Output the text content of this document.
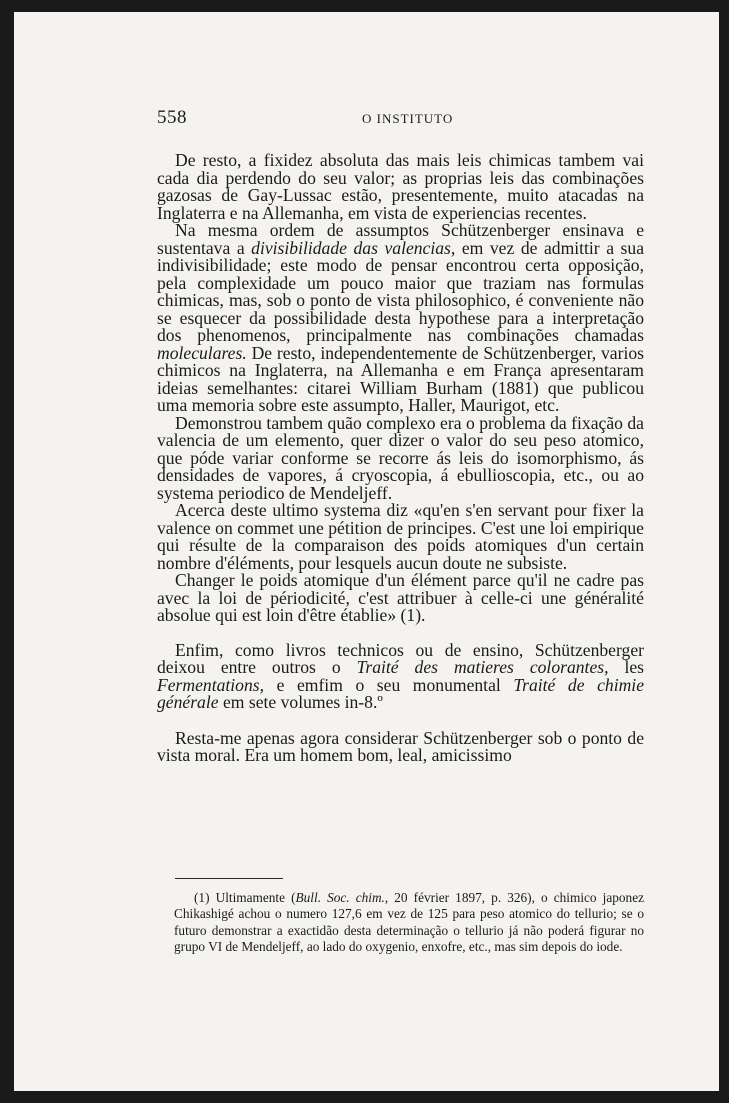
558	O INSTITUTO

De resto, a fixidez absoluta das mais leis chimicas tambem vai cada dia perdendo do seu valor; as proprias leis das combinações gazosas de Gay-Lussac estão, presentemente, muito atacadas na Inglaterra e na Allemanha, em vista de experiencias recentes.

Na mesma ordem de assumptos Schützenberger ensinava e sustentava a divisibilidade das valencias, em vez de admittir a sua indivisibilidade; este modo de pensar encontrou certa opposição, pela complexidade um pouco maior que traziam nas formulas chimicas, mas, sob o ponto de vista philosophico, é conveniente não se esquecer da possibilidade desta hypothese para a interpretação dos phenomenos, principalmente nas combinações chamadas moleculares. De resto, independentemente de Schützenberger, varios chimicos na Inglaterra, na Allemanha e em França apresentaram ideias semelhantes: citarei William Burham (1881) que publicou uma memoria sobre este assumpto, Haller, Maurigot, etc.

Demonstrou tambem quão complexo era o problema da fixação da valencia de um elemento, quer dizer o valor do seu peso atomico, que póde variar conforme se recorre ás leis do isomorphismo, ás densidades de vapores, á cryoscopia, á ebullioscopia, etc., ou ao systema periodico de Mendeljeff.

Acerca deste ultimo systema diz «qu'en s'en servant pour fixer la valence on commet une pétition de principes. C'est une loi empirique qui résulte de la comparaison des poids atomiques d'un certain nombre d'éléments, pour lesquels aucun doute ne subsiste.

Changer le poids atomique d'un élément parce qu'il ne cadre pas avec la loi de périodicité, c'est attribuer à celle-ci une généralité absolue qui est loin d'être établie» (1).

Enfim, como livros technicos ou de ensino, Schützenberger deixou entre outros o Traité des matieres colorantes, les Fermentations, e emfim o seu monumental Traité de chimie générale em sete volumes in-8.º

Resta-me apenas agora considerar Schützenberger sob o ponto de vista moral. Era um homem bom, leal, amicissimo

(1) Ultimamente (Bull. Soc. chim., 20 février 1897, p. 326), o chimico japonez Chikashigé achou o numero 127,6 em vez de 125 para peso atomico do tellurio; se o futuro demonstrar a exactidão desta determinação o tellurio já não poderá figurar no grupo VI de Mendeljeff, ao lado do oxygenio, enxofre, etc., mas sim depois do iode.
